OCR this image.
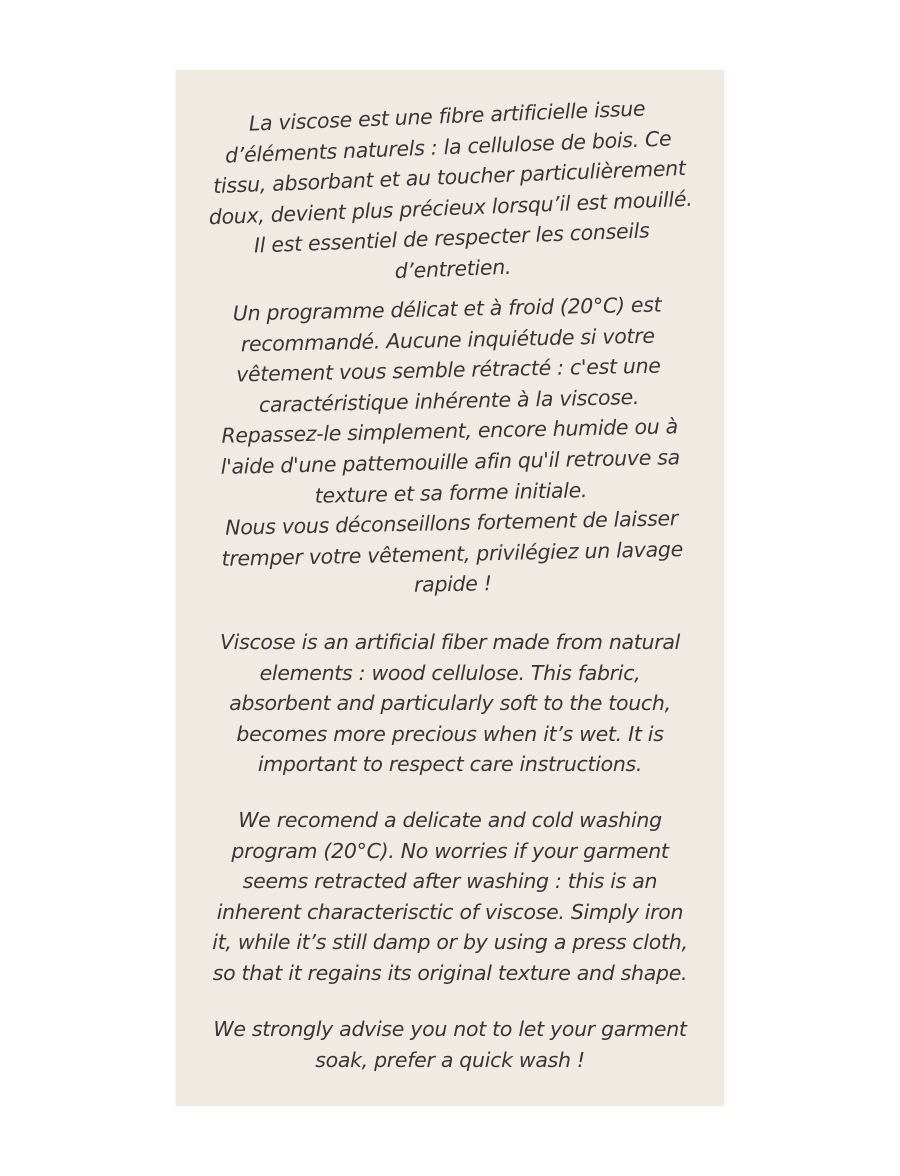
La viscose est une fibre artificielle issue
d’éléments naturels : la cellulose de bois. Ce
tissu, absorbant et au toucher particulièrement
doux, devient plus précieux lorsqu’il est mouillé.
Il est essentiel de respecter les conseils
d’entretien.
Un programme délicat et à froid (20°C) est
recommandé. Aucune inquiétude si votre
vêtement vous semble rétracté : c'est une
caractéristique inhérente à la viscose.
Repassez-le simplement, encore humide ou à
l'aide d'une pattemouille afin qu'il retrouve sa
texture et sa forme initiale.
Nous vous déconseillons fortement de laisser
tremper votre vêtement, privilégiez un lavage
rapide !
Viscose is an artificial fiber made from natural
elements : wood cellulose. This fabric,
absorbent and particularly soft to the touch,
becomes more precious when it’s wet. It is
important to respect care instructions.
We recomend a delicate and cold washing
program (20°C). No worries if your garment
seems retracted after washing : this is an
inherent characterisctic of viscose. Simply iron
it, while it’s still damp or by using a press cloth,
so that it regains its original texture and shape.
We strongly advise you not to let your garment
soak, prefer a quick wash !
